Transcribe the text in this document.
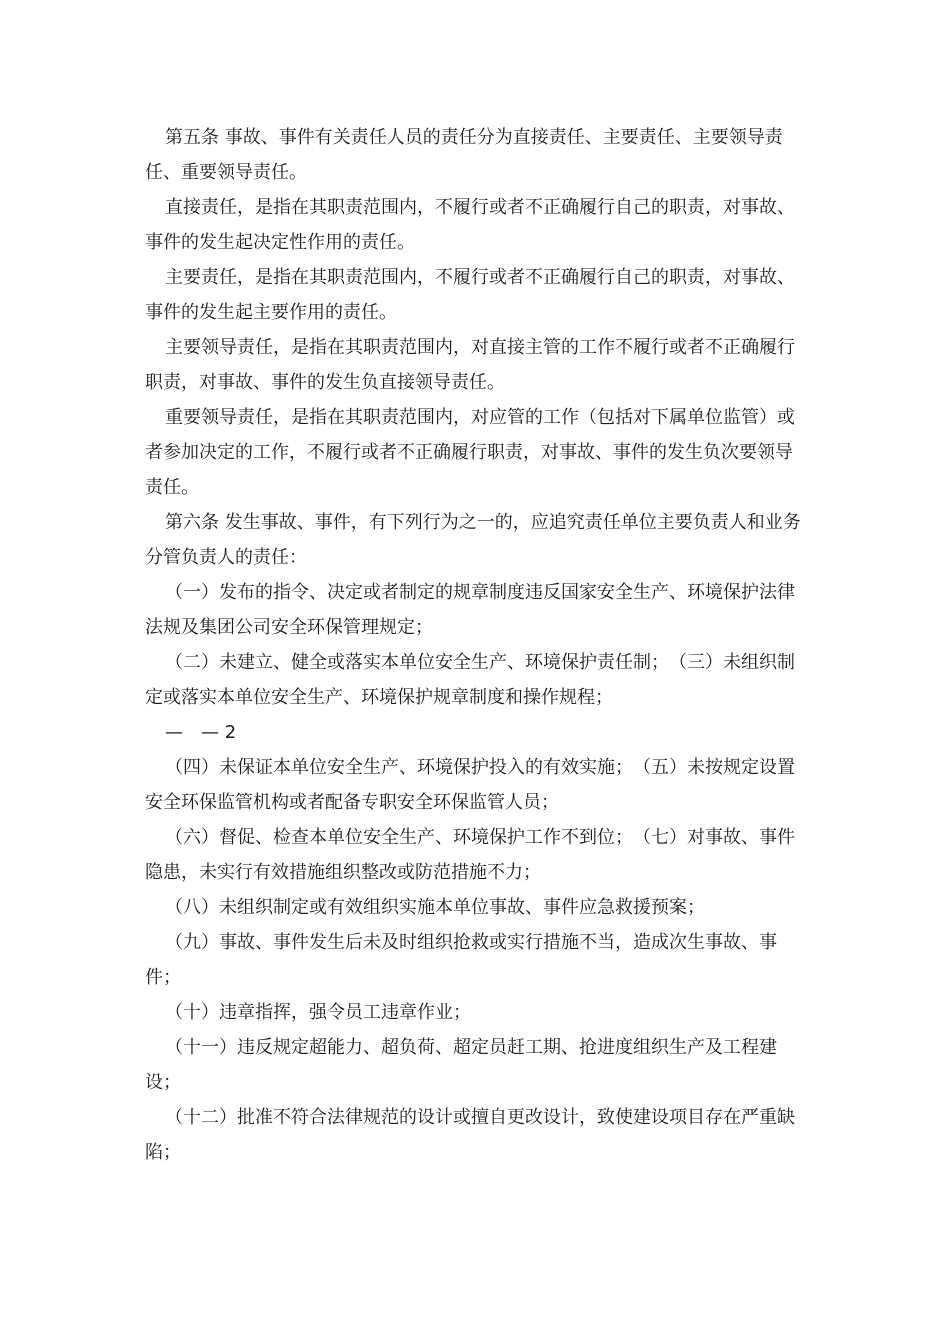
第五条 事故、事件有关责任人员的责任分为直接责任、主要责任、主要领导责任、重要领导责任。

直接责任，是指在其职责范围内，不履行或者不正确履行自己的职责，对事故、事件的发生起决定性作用的责任。

主要责任，是指在其职责范围内，不履行或者不正确履行自己的职责，对事故、事件的发生起主要作用的责任。

主要领导责任，是指在其职责范围内，对直接主管的工作不履行或者不正确履行职责，对事故、事件的发生负直接领导责任。

重要领导责任，是指在其职责范围内，对应管的工作（包括对下属单位监管）或者参加决定的工作，不履行或者不正确履行职责，对事故、事件的发生负次要领导责任。

第六条 发生事故、事件，有下列行为之一的，应追究责任单位主要负责人和业务分管负责人的责任：

（一）发布的指令、决定或者制定的规章制度违反国家安全生产、环境保护法律法规及集团公司安全环保管理规定；

（二）未建立、健全或落实本单位安全生产、环境保护责任制；　（三）未组织制定或落实本单位安全生产、环境保护规章制度和操作规程；

—　— 2

（四）未保证本单位安全生产、环境保护投入的有效实施；　（五）未按规定设置安全环保监管机构或者配备专职安全环保监管人员；

（六）督促、检查本单位安全生产、环境保护工作不到位；　（七）对事故、事件隐患，未实行有效措施组织整改或防范措施不力；

（八）未组织制定或有效组织实施本单位事故、事件应急救援预案；

（九）事故、事件发生后未及时组织抢救或实行措施不当，造成次生事故、事件；

（十）违章指挥，强令员工违章作业；

（十一）违反规定超能力、超负荷、超定员赶工期、抢进度组织生产及工程建设；

（十二）批准不符合法律规范的设计或擅自更改设计，致使建设项目存在严重缺陷；
